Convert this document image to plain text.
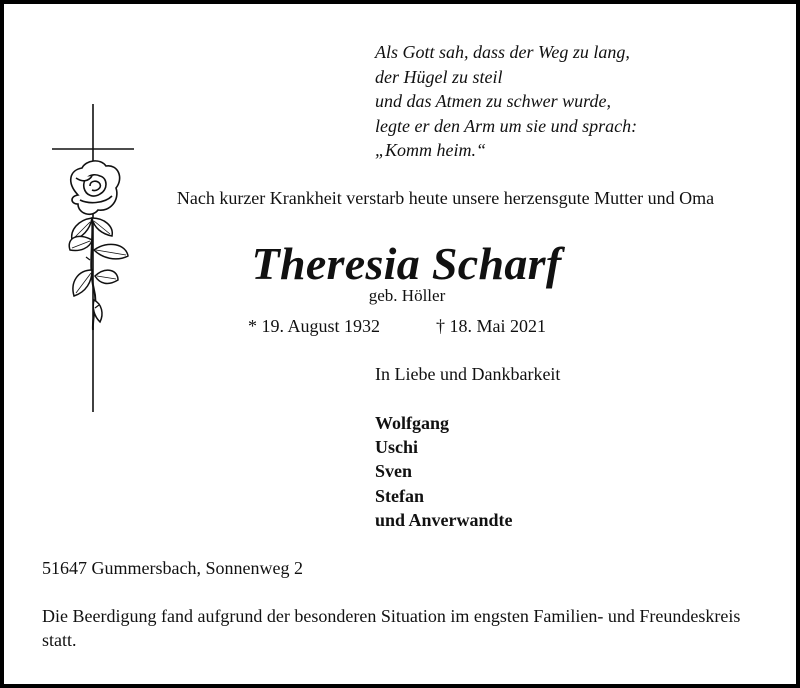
Als Gott sah, dass der Weg zu lang,
der Hügel zu steil
und das Atmen zu schwer wurde,
legte er den Arm um sie und sprach:
„Komm heim.“
Nach kurzer Krankheit verstarb heute unsere herzensgute Mutter und Oma
Theresia Scharf
geb. Höller
* 19. August 1932	† 18. Mai 2021
In Liebe und Dankbarkeit
Wolfgang
Uschi
Sven
Stefan
und Anverwandte
51647 Gummersbach, Sonnenweg 2
Die Beerdigung fand aufgrund der besonderen Situation im engsten Familien- und Freundeskreis statt.
